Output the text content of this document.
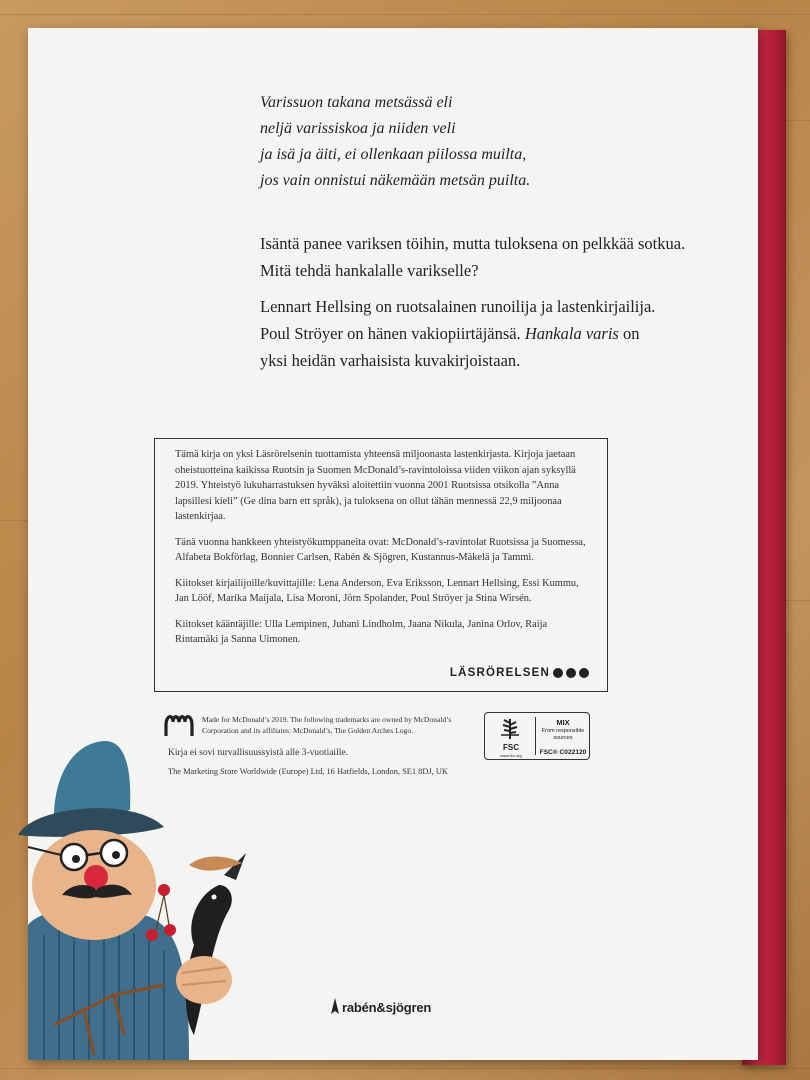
Varissuon takana metsässä eli
neljä varissiskoa ja niiden veli
ja isä ja äiti, ei ollenkaan piilossa muilta,
jos vain onnistui näkemään metsän puilta.
Isäntä panee variksen töihin, mutta tuloksena on pelkkää sotkua.
Mitä tehdä hankalalle varikselle?
Lennart Hellsing on ruotsalainen runoilija ja lastenkirjailija.
Poul Ströyer on hänen vakiopiirtäjänsä. Hankala varis on
yksi heidän varhaisista kuvakirjoistaan.

Tämä kirja on yksi Läsrörelsenin tuottamista yhteensä miljoonasta lastenkirjasta. Kirjoja jaetaan oheistuotteina kaikissa Ruotsin ja Suomen McDonald’s-ravintoloissa viiden viikon ajan syksyllä 2019. Yhteistyö lukuharrastuksen hyväksi aloitettiin vuonna 2001 Ruotsissa otsikolla ”Anna lapsillesi kieli” (Ge dina barn ett språk), ja tuloksena on ollut tähän mennessä 22,9 miljoonaa lastenkirjaa.

Tänä vuonna hankkeen yhteistyökumppaneita ovat: McDonald’s-ravintolat Ruotsissa ja Suomessa, Alfabeta Bokförlag, Bonnier Carlsen, Rabén & Sjögren, Kustannus-Mäkelä ja Tammi.

Kiitokset kirjailijoille/kuvittajille: Lena Anderson, Eva Eriksson, Lennart Hellsing, Essi Kummu, Jan Lööf, Marika Maijala, Lisa Moroni, Jörn Spolander, Poul Ströyer ja Stina Wirsén.

Kiitokset kääntäjille: Ulla Lempinen, Juhani Lindholm, Jaana Nikula, Janina Orlov, Raija Rintamäki ja Sanna Uimonen.

LÄSRÖRELSEN
Made for McDonald’s 2019. The following trademarks are owned by McDonald’s Corporation and its affiliates: McDonald’s, The Golden Arches Logo.
FSC
www.fsc.org
MIX
From responsible sources
FSC® C022120
Kirja ei sovi turvallisuussyistä alle 3-vuotiaille.
The Marketing Store Worldwide (Europe) Ltd, 16 Hatfields, London, SE1 8DJ, UK
rabén&sjögren
